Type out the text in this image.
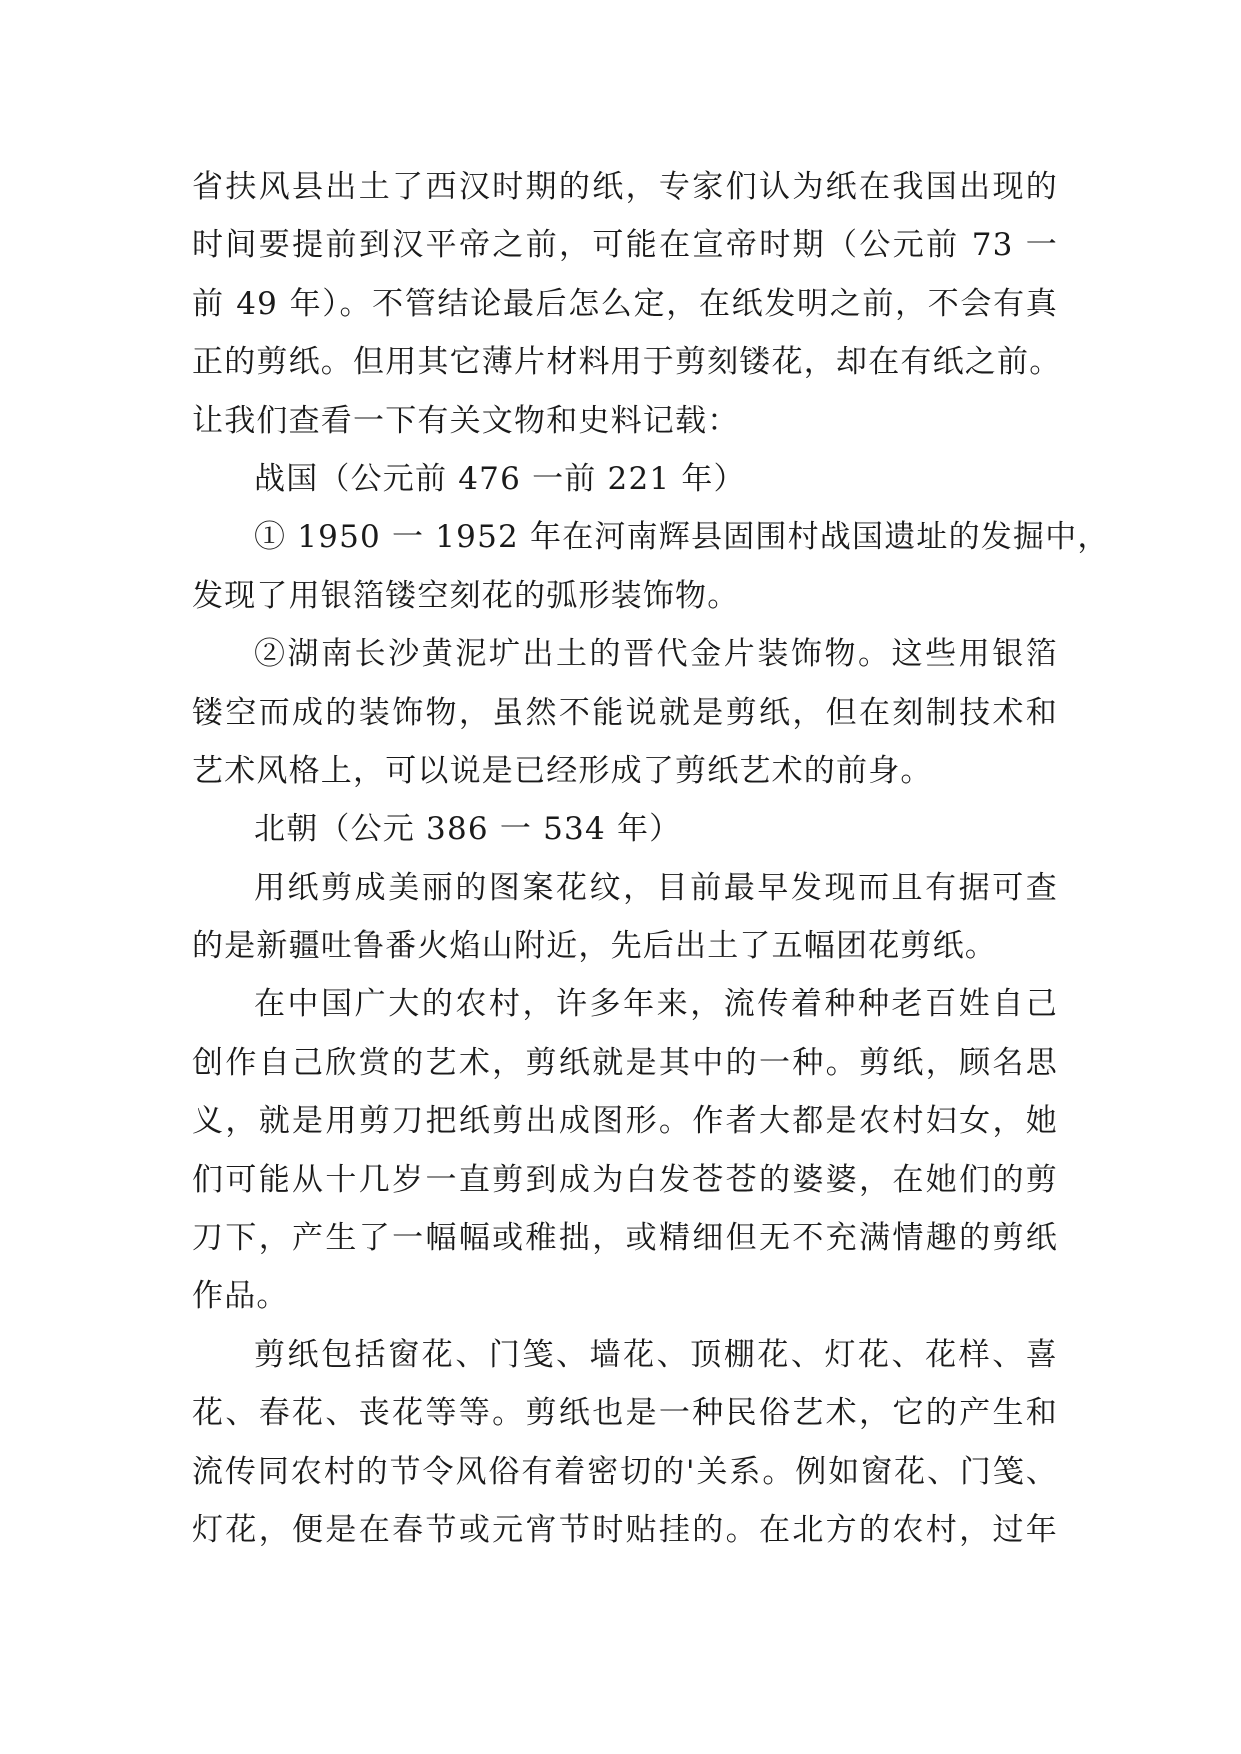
省扶风县出土了西汉时期的纸，专家们认为纸在我国出现的
时间要提前到汉平帝之前，可能在宣帝时期（公元前 73 一
前 49 年）。不管结论最后怎么定，在纸发明之前，不会有真
正的剪纸。但用其它薄片材料用于剪刻镂花，却在有纸之前。
让我们查看一下有关文物和史料记载：
战国（公元前 476 一前 221 年）
① 1950 一 1952 年在河南辉县固围村战国遗址的发掘中，
发现了用银箔镂空刻花的弧形装饰物。
②湖南长沙黄泥圹出土的晋代金片装饰物。这些用银箔
镂空而成的装饰物，虽然不能说就是剪纸，但在刻制技术和
艺术风格上，可以说是已经形成了剪纸艺术的前身。
北朝（公元 386 一 534 年）
用纸剪成美丽的图案花纹，目前最早发现而且有据可查
的是新疆吐鲁番火焰山附近，先后出土了五幅团花剪纸。
在中国广大的农村，许多年来，流传着种种老百姓自己
创作自己欣赏的艺术，剪纸就是其中的一种。剪纸，顾名思
义，就是用剪刀把纸剪出成图形。作者大都是农村妇女，她
们可能从十几岁一直剪到成为白发苍苍的婆婆，在她们的剪
刀下，产生了一幅幅或稚拙，或精细但无不充满情趣的剪纸
作品。
剪纸包括窗花、门笺、墙花、顶棚花、灯花、花样、喜
花、春花、丧花等等。剪纸也是一种民俗艺术，它的产生和
流传同农村的节令风俗有着密切的'关系。例如窗花、门笺、
灯花，便是在春节或元宵节时贴挂的。在北方的农村，过年
